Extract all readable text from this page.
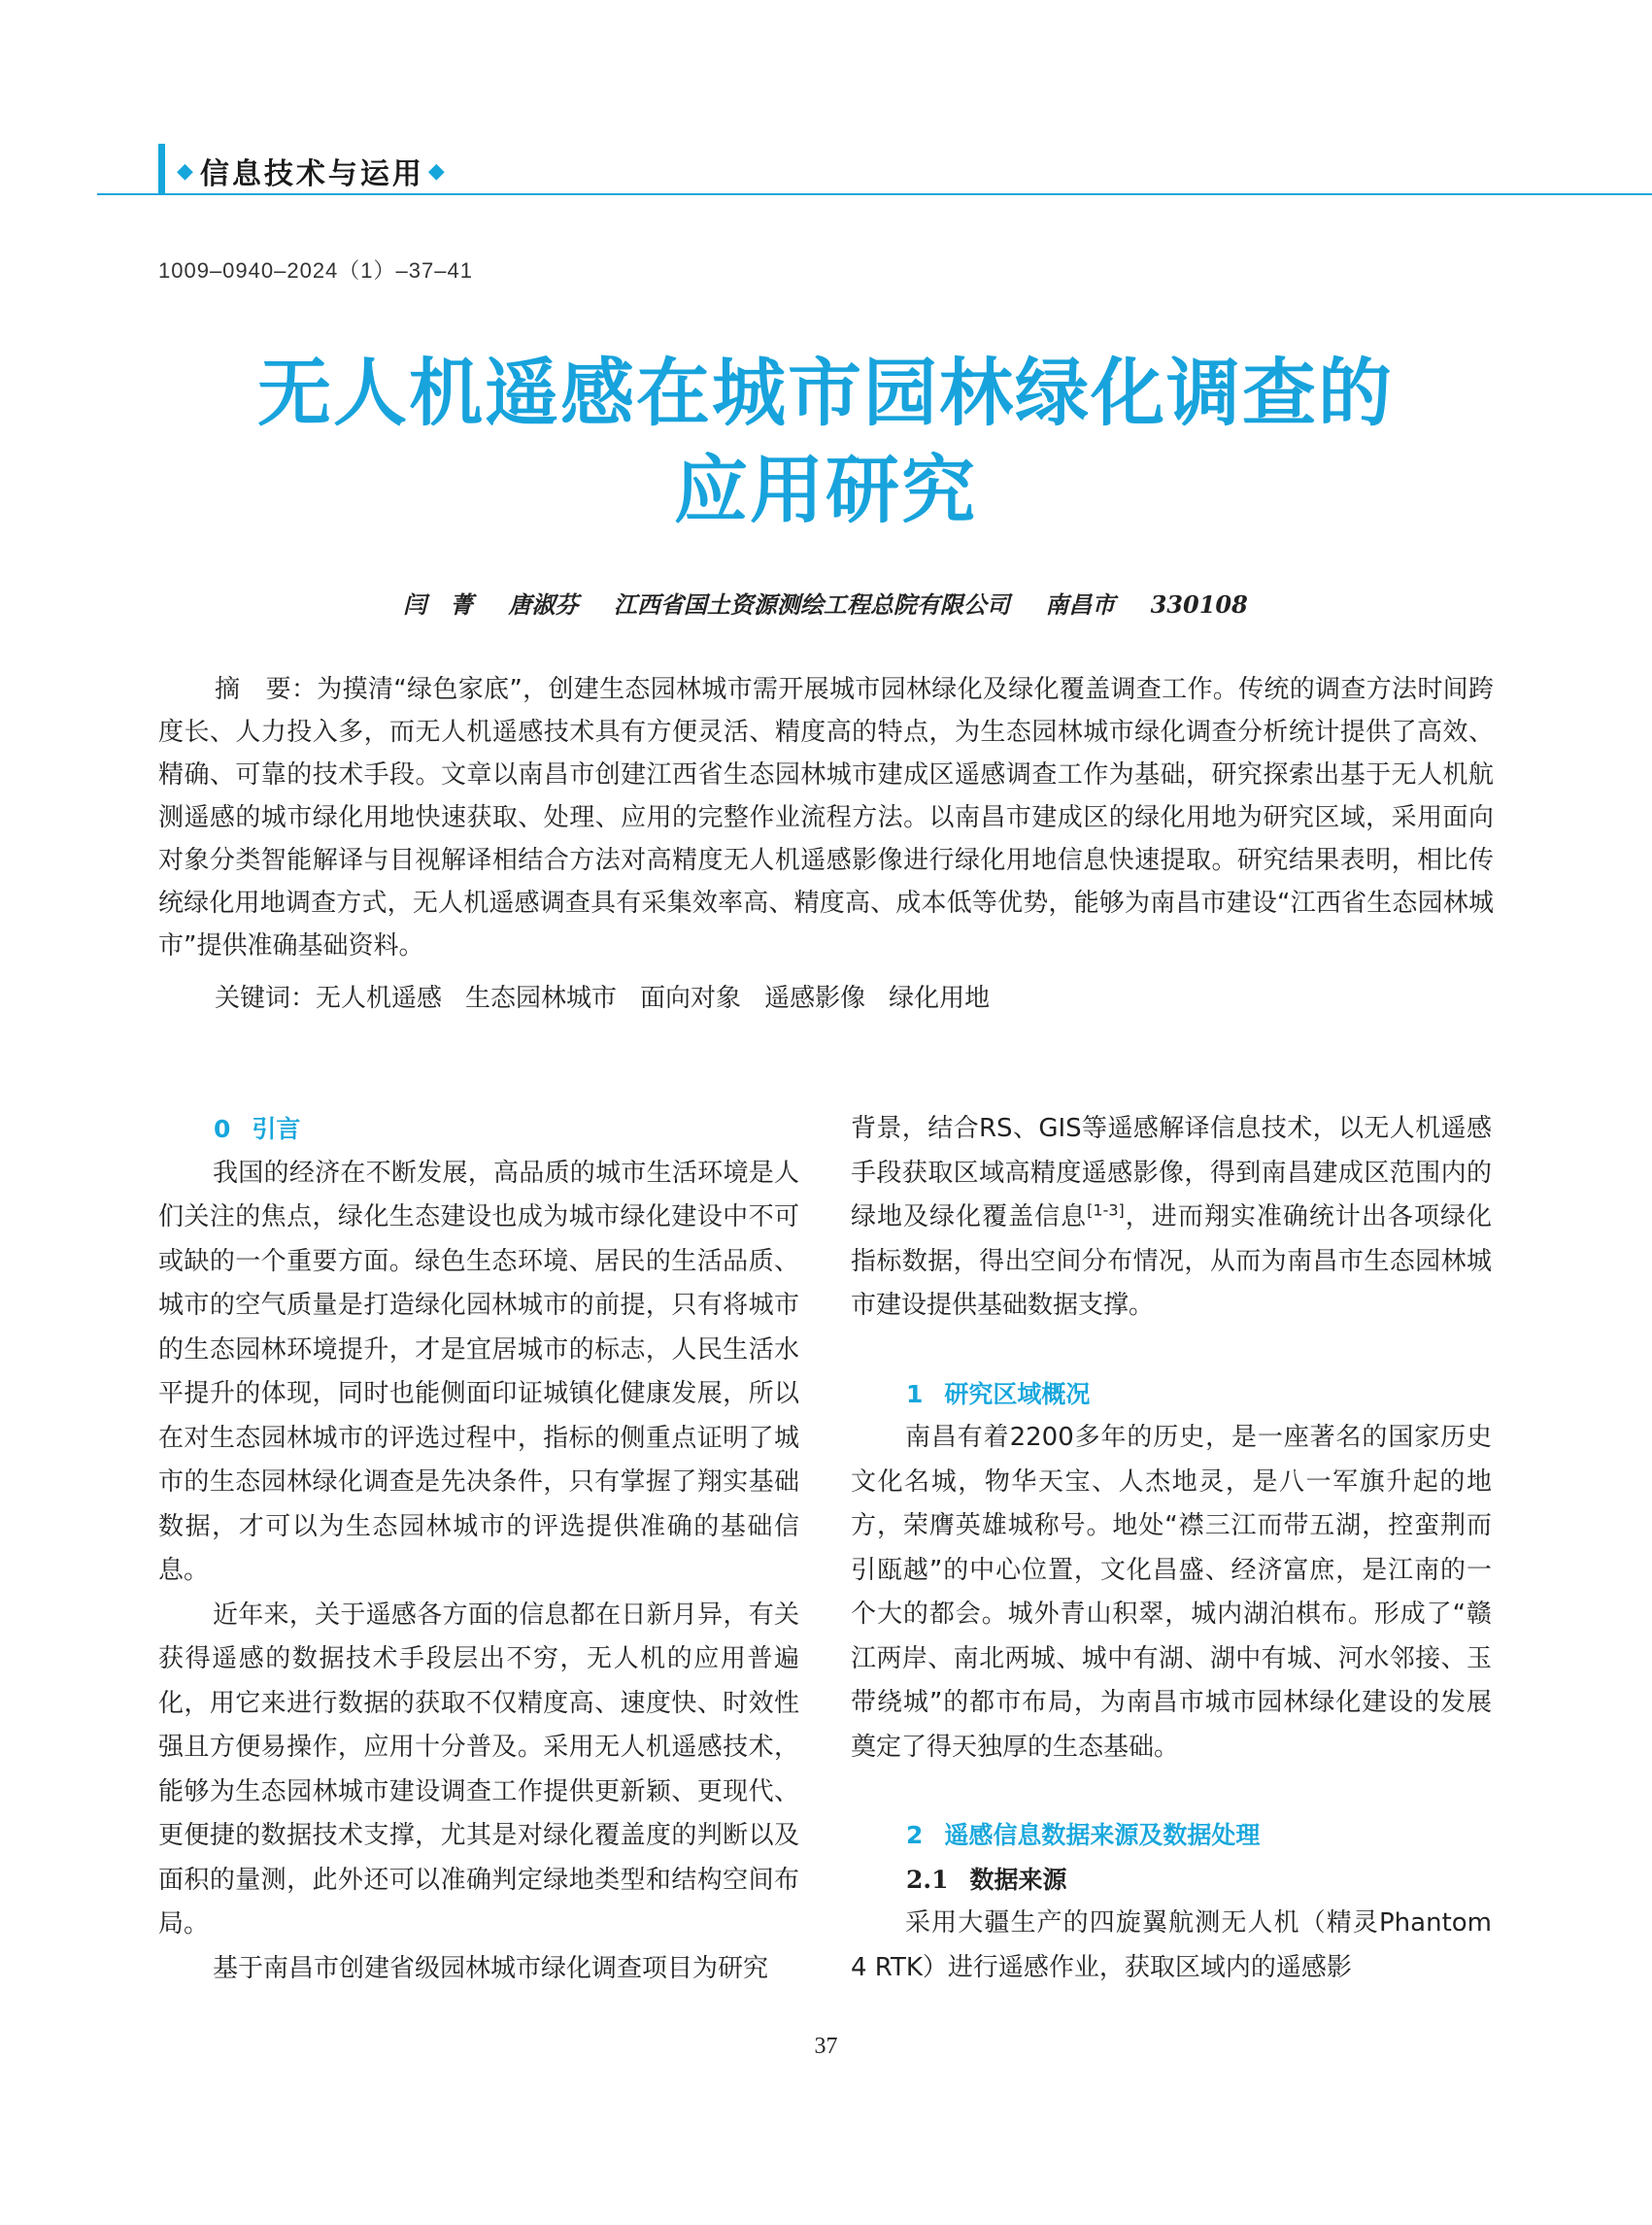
◆ 信息技术与运用 ◆
1009–0940–2024（1）–37–41
无人机遥感在城市园林绿化调查的
应用研究
闫　菁 唐淑芬 江西省国土资源测绘工程总院有限公司 南昌市 330108
摘　要：为摸清“绿色家底”，创建生态园林城市需开展城市园林绿化及绿化覆盖调查工作。传统的调查方法时间跨度长、人力投入多，而无人机遥感技术具有方便灵活、精度高的特点，为生态园林城市绿化调查分析统计提供了高效、精确、可靠的技术手段。文章以南昌市创建江西省生态园林城市建成区遥感调查工作为基础，研究探索出基于无人机航测遥感的城市绿化用地快速获取、处理、应用的完整作业流程方法。以南昌市建成区的绿化用地为研究区域，采用面向对象分类智能解译与目视解译相结合方法对高精度无人机遥感影像进行绿化用地信息快速提取。研究结果表明，相比传统绿化用地调查方式，无人机遥感调查具有采集效率高、精度高、成本低等优势，能够为南昌市建设“江西省生态园林城市”提供准确基础资料。
关键词：无人机遥感 生态园林城市 面向对象 遥感影像 绿化用地
0 引言

我国的经济在不断发展，高品质的城市生活环境是人们关注的焦点，绿化生态建设也成为城市绿化建设中不可或缺的一个重要方面。绿色生态环境、居民的生活品质、城市的空气质量是打造绿化园林城市的前提，只有将城市的生态园林环境提升，才是宜居城市的标志，人民生活水平提升的体现，同时也能侧面印证城镇化健康发展，所以在对生态园林城市的评选过程中，指标的侧重点证明了城市的生态园林绿化调查是先决条件，只有掌握了翔实基础数据，才可以为生态园林城市的评选提供准确的基础信息。

近年来，关于遥感各方面的信息都在日新月异，有关获得遥感的数据技术手段层出不穷，无人机的应用普遍化，用它来进行数据的获取不仅精度高、速度快、时效性强且方便易操作，应用十分普及。采用无人机遥感技术，能够为生态园林城市建设调查工作提供更新颖、更现代、更便捷的数据技术支撑，尤其是对绿化覆盖度的判断以及面积的量测，此外还可以准确判定绿地类型和结构空间布局。

基于南昌市创建省级园林城市绿化调查项目为研究

背景，结合RS、GIS等遥感解译信息技术，以无人机遥感手段获取区域高精度遥感影像，得到南昌建成区范围内的绿地及绿化覆盖信息[1-3]，进而翔实准确统计出各项绿化指标数据，得出空间分布情况，从而为南昌市生态园林城市建设提供基础数据支撑。

1 研究区域概况

南昌有着2200多年的历史，是一座著名的国家历史文化名城，物华天宝、人杰地灵，是八一军旗升起的地方，荣膺英雄城称号。地处“襟三江而带五湖，控蛮荆而引瓯越”的中心位置，文化昌盛、经济富庶，是江南的一个大的都会。城外青山积翠，城内湖泊棋布。形成了“赣江两岸、南北两城、城中有湖、湖中有城、河水邻接、玉带绕城”的都市布局，为南昌市城市园林绿化建设的发展奠定了得天独厚的生态基础。

2 遥感信息数据来源及数据处理
2.1 数据来源

采用大疆生产的四旋翼航测无人机（精灵Phantom 4 RTK）进行遥感作业，获取区域内的遥感影

37
